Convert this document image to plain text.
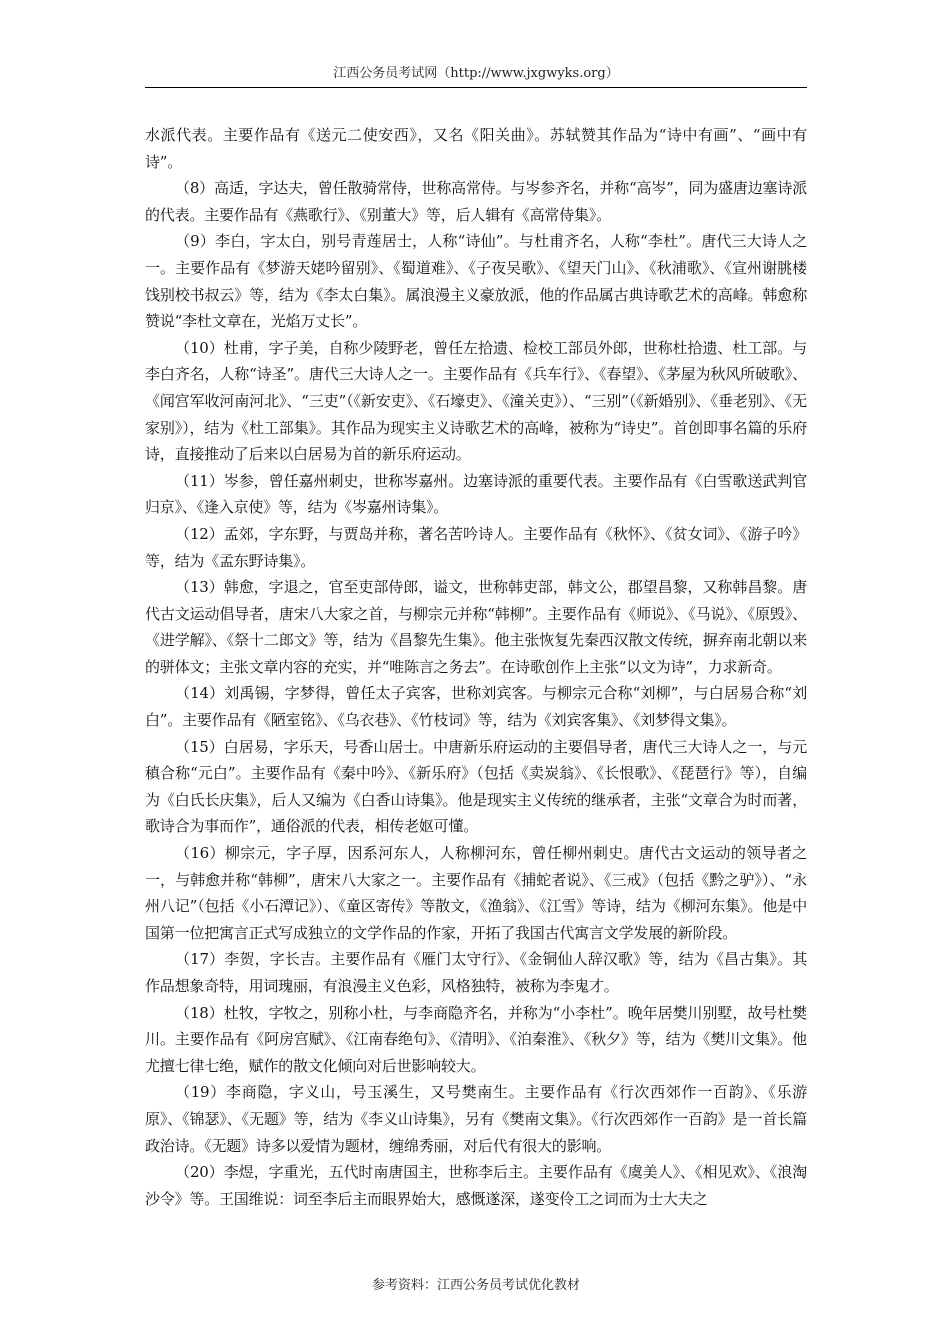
江西公务员考试网（http://www.jxgwyks.org）

水派代表。主要作品有《送元二使安西》，又名《阳关曲》。苏轼赞其作品为“诗中有画”、“画中有诗”。

（8）高适，字达夫，曾任散骑常侍，世称高常侍。与岑参齐名，并称“高岑”，同为盛唐边塞诗派的代表。主要作品有《燕歌行》、《别董大》等，后人辑有《高常侍集》。

（9）李白，字太白，别号青莲居士，人称“诗仙”。与杜甫齐名，人称“李杜”。唐代三大诗人之一。主要作品有《梦游天姥吟留别》、《蜀道难》、《子夜吴歌》、《望天门山》、《秋浦歌》、《宣州谢朓楼饯别校书叔云》等，结为《李太白集》。属浪漫主义豪放派，他的作品属古典诗歌艺术的高峰。韩愈称赞说“李杜文章在，光焰万丈长”。

（10）杜甫，字子美，自称少陵野老，曾任左拾遗、检校工部员外郎，世称杜拾遗、杜工部。与李白齐名，人称“诗圣”。唐代三大诗人之一。主要作品有《兵车行》、《春望》、《茅屋为秋风所破歌》、《闻宫军收河南河北》、“三吏”（《新安吏》、《石壕吏》、《潼关吏》）、“三别”（《新婚别》、《垂老别》、《无家别》），结为《杜工部集》。其作品为现实主义诗歌艺术的高峰，被称为“诗史”。首创即事名篇的乐府诗，直接推动了后来以白居易为首的新乐府运动。

（11）岑参，曾任嘉州刺史，世称岑嘉州。边塞诗派的重要代表。主要作品有《白雪歌送武判官归京》、《逢入京使》等，结为《岑嘉州诗集》。

（12）孟郊，字东野，与贾岛并称，著名苦吟诗人。主要作品有《秋怀》、《贫女词》、《游子吟》等，结为《孟东野诗集》。

（13）韩愈，字退之，官至吏部侍郎，谥文，世称韩吏部，韩文公，郡望昌黎，又称韩昌黎。唐代古文运动倡导者，唐宋八大家之首，与柳宗元并称“韩柳”。主要作品有《师说》、《马说》、《原毁》、《进学解》、《祭十二郎文》等，结为《昌黎先生集》。他主张恢复先秦西汉散文传统，摒弃南北朝以来的骈体文；主张文章内容的充实，并“唯陈言之务去”。在诗歌创作上主张“以文为诗”，力求新奇。

（14）刘禹锡，字梦得，曾任太子宾客，世称刘宾客。与柳宗元合称“刘柳”，与白居易合称“刘白”。主要作品有《陋室铭》、《乌衣巷》、《竹枝词》等，结为《刘宾客集》、《刘梦得文集》。

（15）白居易，字乐天，号香山居士。中唐新乐府运动的主要倡导者，唐代三大诗人之一，与元稹合称“元白”。主要作品有《秦中吟》、《新乐府》（包括《卖炭翁》、《长恨歌》、《琵琶行》等），自编为《白氏长庆集》，后人又编为《白香山诗集》。他是现实主义传统的继承者，主张“文章合为时而著，歌诗合为事而作”，通俗派的代表，相传老妪可懂。

（16）柳宗元，字子厚，因系河东人，人称柳河东，曾任柳州刺史。唐代古文运动的领导者之一，与韩愈并称“韩柳”，唐宋八大家之一。主要作品有《捕蛇者说》、《三戒》（包括《黔之驴》）、“永州八记”（包括《小石潭记》）、《童区寄传》等散文，《渔翁》、《江雪》等诗，结为《柳河东集》。他是中国第一位把寓言正式写成独立的文学作品的作家，开拓了我国古代寓言文学发展的新阶段。

（17）李贺，字长吉。主要作品有《雁门太守行》、《金铜仙人辞汉歌》等，结为《昌古集》。其作品想象奇特，用词瑰丽，有浪漫主义色彩，风格独特，被称为李鬼才。

（18）杜牧，字牧之，别称小杜，与李商隐齐名，并称为“小李杜”。晚年居樊川别墅，故号杜樊川。主要作品有《阿房宫赋》、《江南春绝句》、《清明》、《泊秦淮》、《秋夕》等，结为《樊川文集》。他尤擅七律七绝，赋作的散文化倾向对后世影响较大。

（19）李商隐，字义山，号玉溪生，又号樊南生。主要作品有《行次西郊作一百韵》、《乐游原》、《锦瑟》、《无题》等，结为《李义山诗集》，另有《樊南文集》。《行次西郊作一百韵》是一首长篇政治诗。《无题》诗多以爱情为题材，缠绵秀丽，对后代有很大的影响。

（20）李煜，字重光，五代时南唐国主，世称李后主。主要作品有《虞美人》、《相见欢》、《浪淘沙令》等。王国维说：词至李后主而眼界始大，感慨遂深，遂变伶工之词而为士大夫之

参考资料：江西公务员考试优化教材
